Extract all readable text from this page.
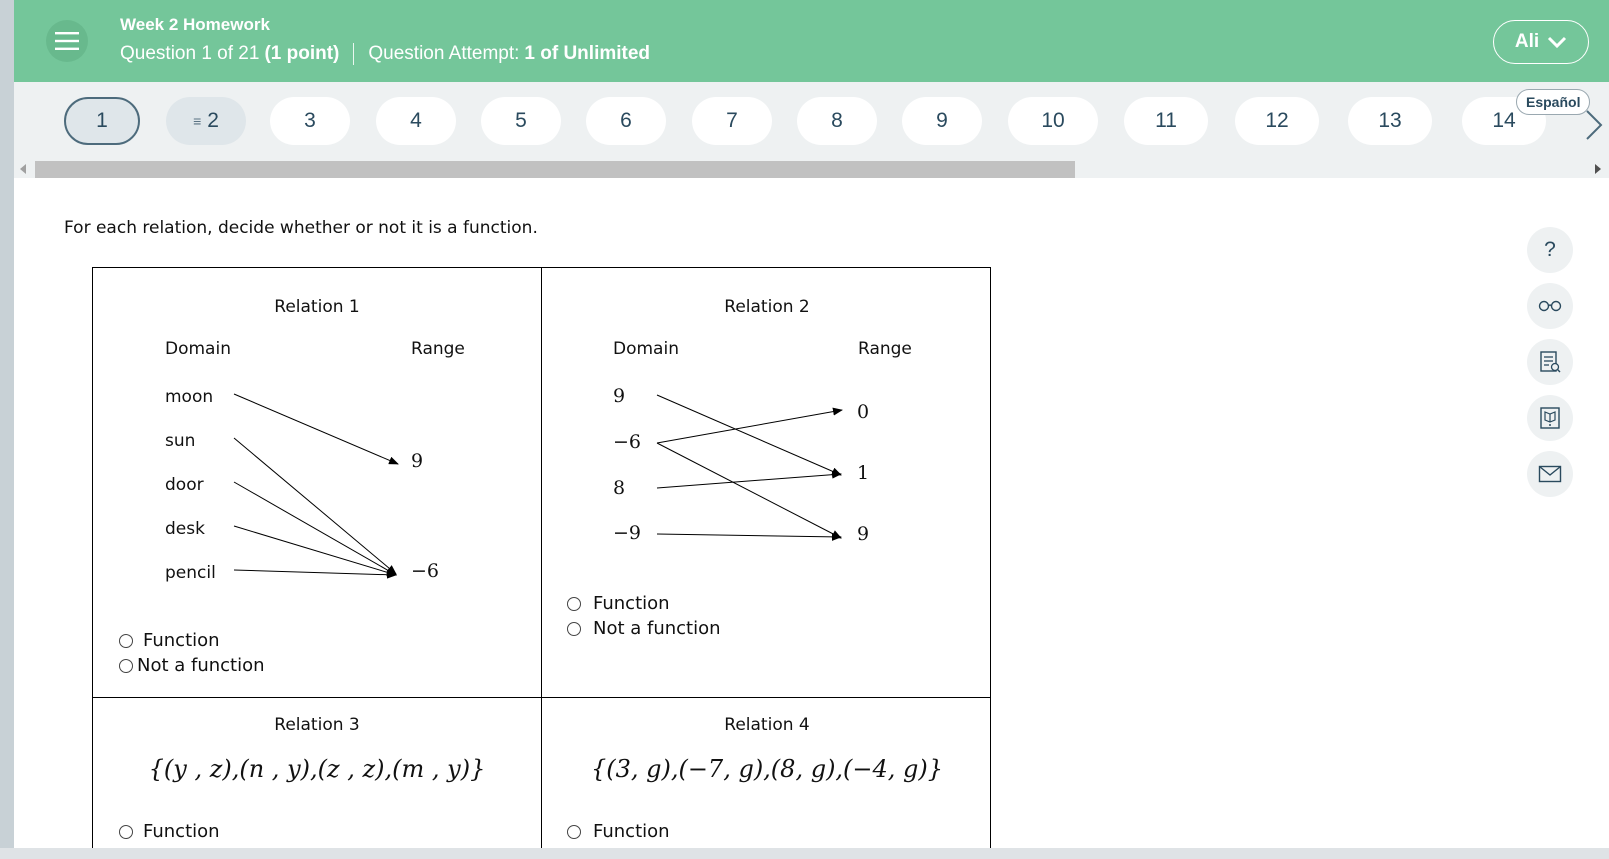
Week 2 Homework
Question 1 of 21 (1 point) Question Attempt: 1 of Unlimited
Ali
1	≡ 2	3	4	5	6	7	8	9	10	11	12	13	14
Español
For each relation, decide whether or not it is a function.
Relation 1
Domain	Range
moon
sun
door
desk
pencil
9
−6
Function
Not a function
Relation 2
Domain	Range
9
−6
8
−9
0
1
9
Function
Not a function
Relation 3
{(y , z),(n , y),(z , z),(m , y)}
Function
Relation 4
{(3, g),(−7, g),(8, g),(−4, g)}
Function
?
